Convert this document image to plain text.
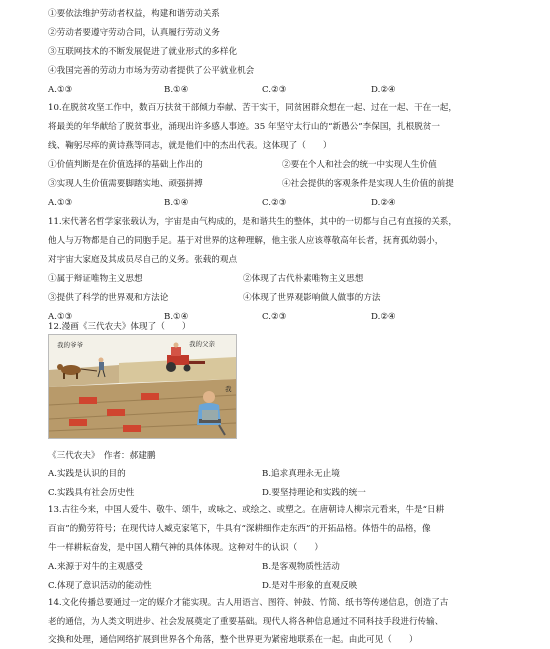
①要依法维护劳动者权益，构建和谐劳动关系
②劳动者要遵守劳动合同，认真履行劳动义务
③互联网技术的不断发展促进了就业形式的多样化
④我国完善的劳动力市场为劳动者提供了公平就业机会
A.①③	B.①④	C.②③	D.②④
10.在脱贫攻坚工作中，数百万扶贫干部倾力奉献、苦干实干，同贫困群众想在一起、过在一起、干在一起，
将最美的年华献给了脱贫事业，涌现出许多感人事迹。35 年坚守太行山的“新愚公”李保国，扎根脱贫一
线、鞠躬尽瘁的黄诗燕等同志，就是他们中的杰出代表。这体现了（　　）
①价值判断是在价值选择的基础上作出的	②要在个人和社会的统一中实现人生价值
③实现人生价值需要脚踏实地、顽强拼搏	④社会提供的客观条件是实现人生价值的前提
A.①③	B.①④	C.②③	D.②④
11.宋代著名哲学家张载认为，宇宙是由气构成的，是和谐共生的整体，其中的一切都与自己有直接的关系，
他人与万物都是自己的同胞手足。基于对世界的这种理解，他主张人应该尊敬高年长者，抚育孤幼弱小，
对宇宙大家庭及其成员尽自己的义务。张载的观点
①属于辩证唯物主义思想	②体现了古代朴素唯物主义思想
③提供了科学的世界观和方法论	④体现了世界观影响做人做事的方法
A.①③	B.①④	C.②③	D.②④
12.漫画《三代农夫》体现了（　　）
我的爷爷	我的父亲
我
《三代农夫》　作者：郝建鹏
A.实践是认识的目的	B.追求真理永无止境
C.实践具有社会历史性	D.要坚持理论和实践的统一
13.古往今来，中国人爱牛、敬牛、颂牛，或咏之、或绘之、或塑之。在唐朝诗人柳宗元看来，牛是“日耕
百亩”的勤劳符号；在现代诗人臧克家笔下，牛具有“深耕细作走东西”的开拓品格。体悟牛的品格，像
牛一样耕耘奋发，是中国人精气神的具体体现。这种对牛的认识（　　）
A.来源于对牛的主观感受	B.是客观物质性活动
C.体现了意识活动的能动性	D.是对牛形象的直观反映
14.文化传播总要通过一定的媒介才能实现。古人用语言、图符、钟鼓、竹简、纸书等传递信息，创造了古
老的通信，为人类文明进步、社会发展奠定了重要基础。现代人将各种信息通过不同科技手段进行传输、
交换和处理，通信网络扩展到世界各个角落，整个世界更为紧密地联系在一起。由此可见（　　）
